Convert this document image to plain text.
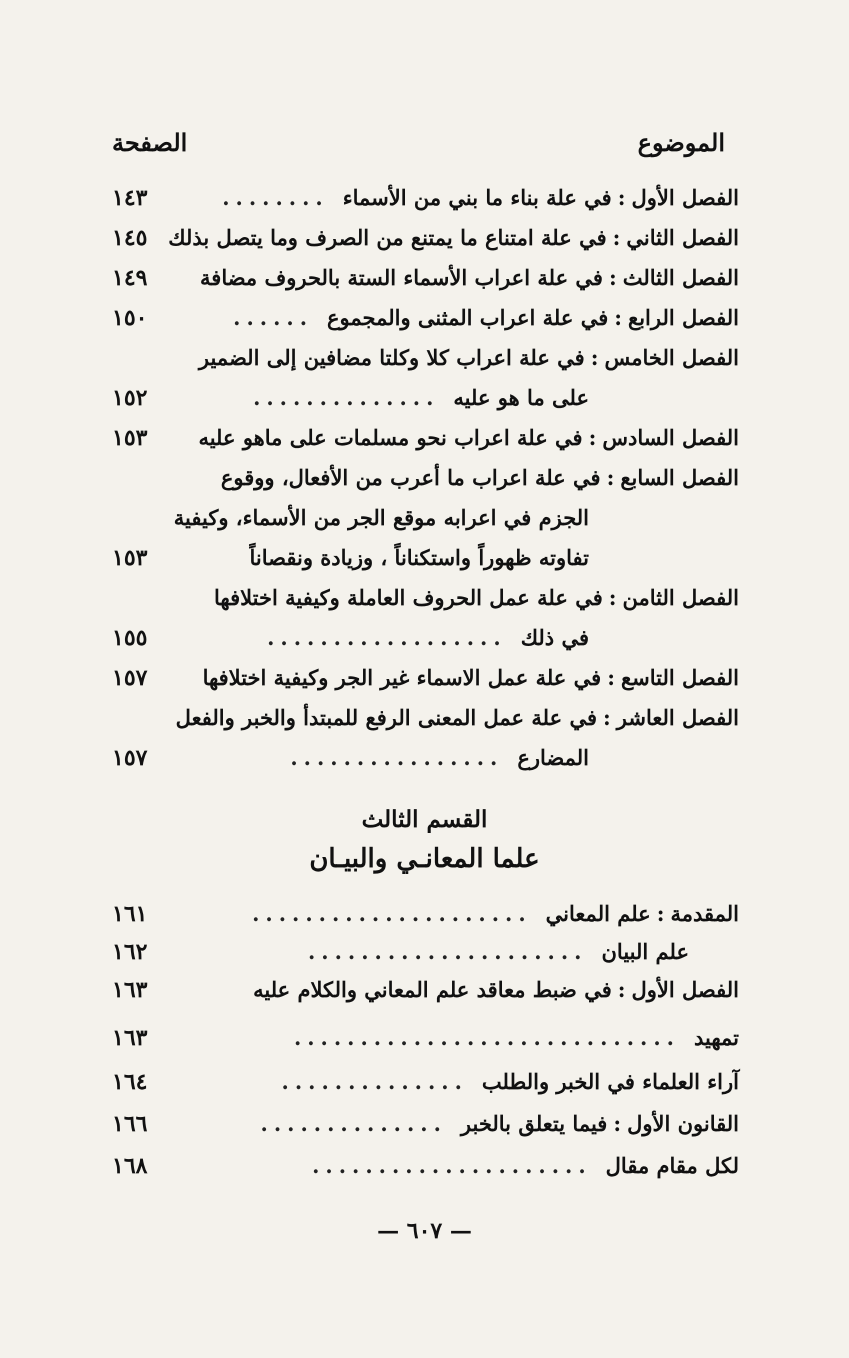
الموضوع
الصفحة
الفصل الأول
:
في علة بناء ما بني من الأسماء
........
١٤٣
الفصل الثاني
:
في علة امتناع ما يمتنع من الصرف وما يتصل بذلك
١٤٥
الفصل الثالث
:
في علة اعراب الأسماء الستة بالحروف مضافة
١٤٩
الفصل الرابع
:
في علة اعراب المثنى والمجموع
......
١٥٠
الفصل الخامس
:
في علة اعراب كلا وكلتا مضافين إلى الضمير
على ما هو عليه
..............
١٥٢
الفصل السادس
:
في علة اعراب نحو مسلمات على ماهو عليه
١٥٣
الفصل السابع
:
في علة اعراب ما أعرب من الأفعال، ووقوع
الجزم في اعرابه موقع الجر من الأسماء، وكيفية
تفاوته ظهوراً واستكناناً ، وزيادة ونقصاناً
١٥٣
الفصل الثامن
:
في علة عمل الحروف العاملة وكيفية اختلافها
في ذلك
..................
١٥٥
الفصل التاسع
:
في علة عمل الاسماء غير الجر وكيفية اختلافها
١٥٧
الفصل العاشر
:
في علة عمل المعنى الرفع للمبتدأ والخبر والفعل
المضارع
................
١٥٧
القسم الثالث
علما المعانـي والبيـان
المقدمة
:
علم المعاني
.....................
١٦١
علم البيان
.....................
١٦٢
الفصل الأول
:
في ضبط معاقد علم المعاني والكلام عليه
١٦٣
تمهيد
.............................
١٦٣
آراء العلماء في الخبر والطلب
..............
١٦٤
القانون الأول
:
فيما يتعلق بالخبر
..............
١٦٦
لكل مقام مقال
.....................
١٦٨
— ٦٠٧ —
